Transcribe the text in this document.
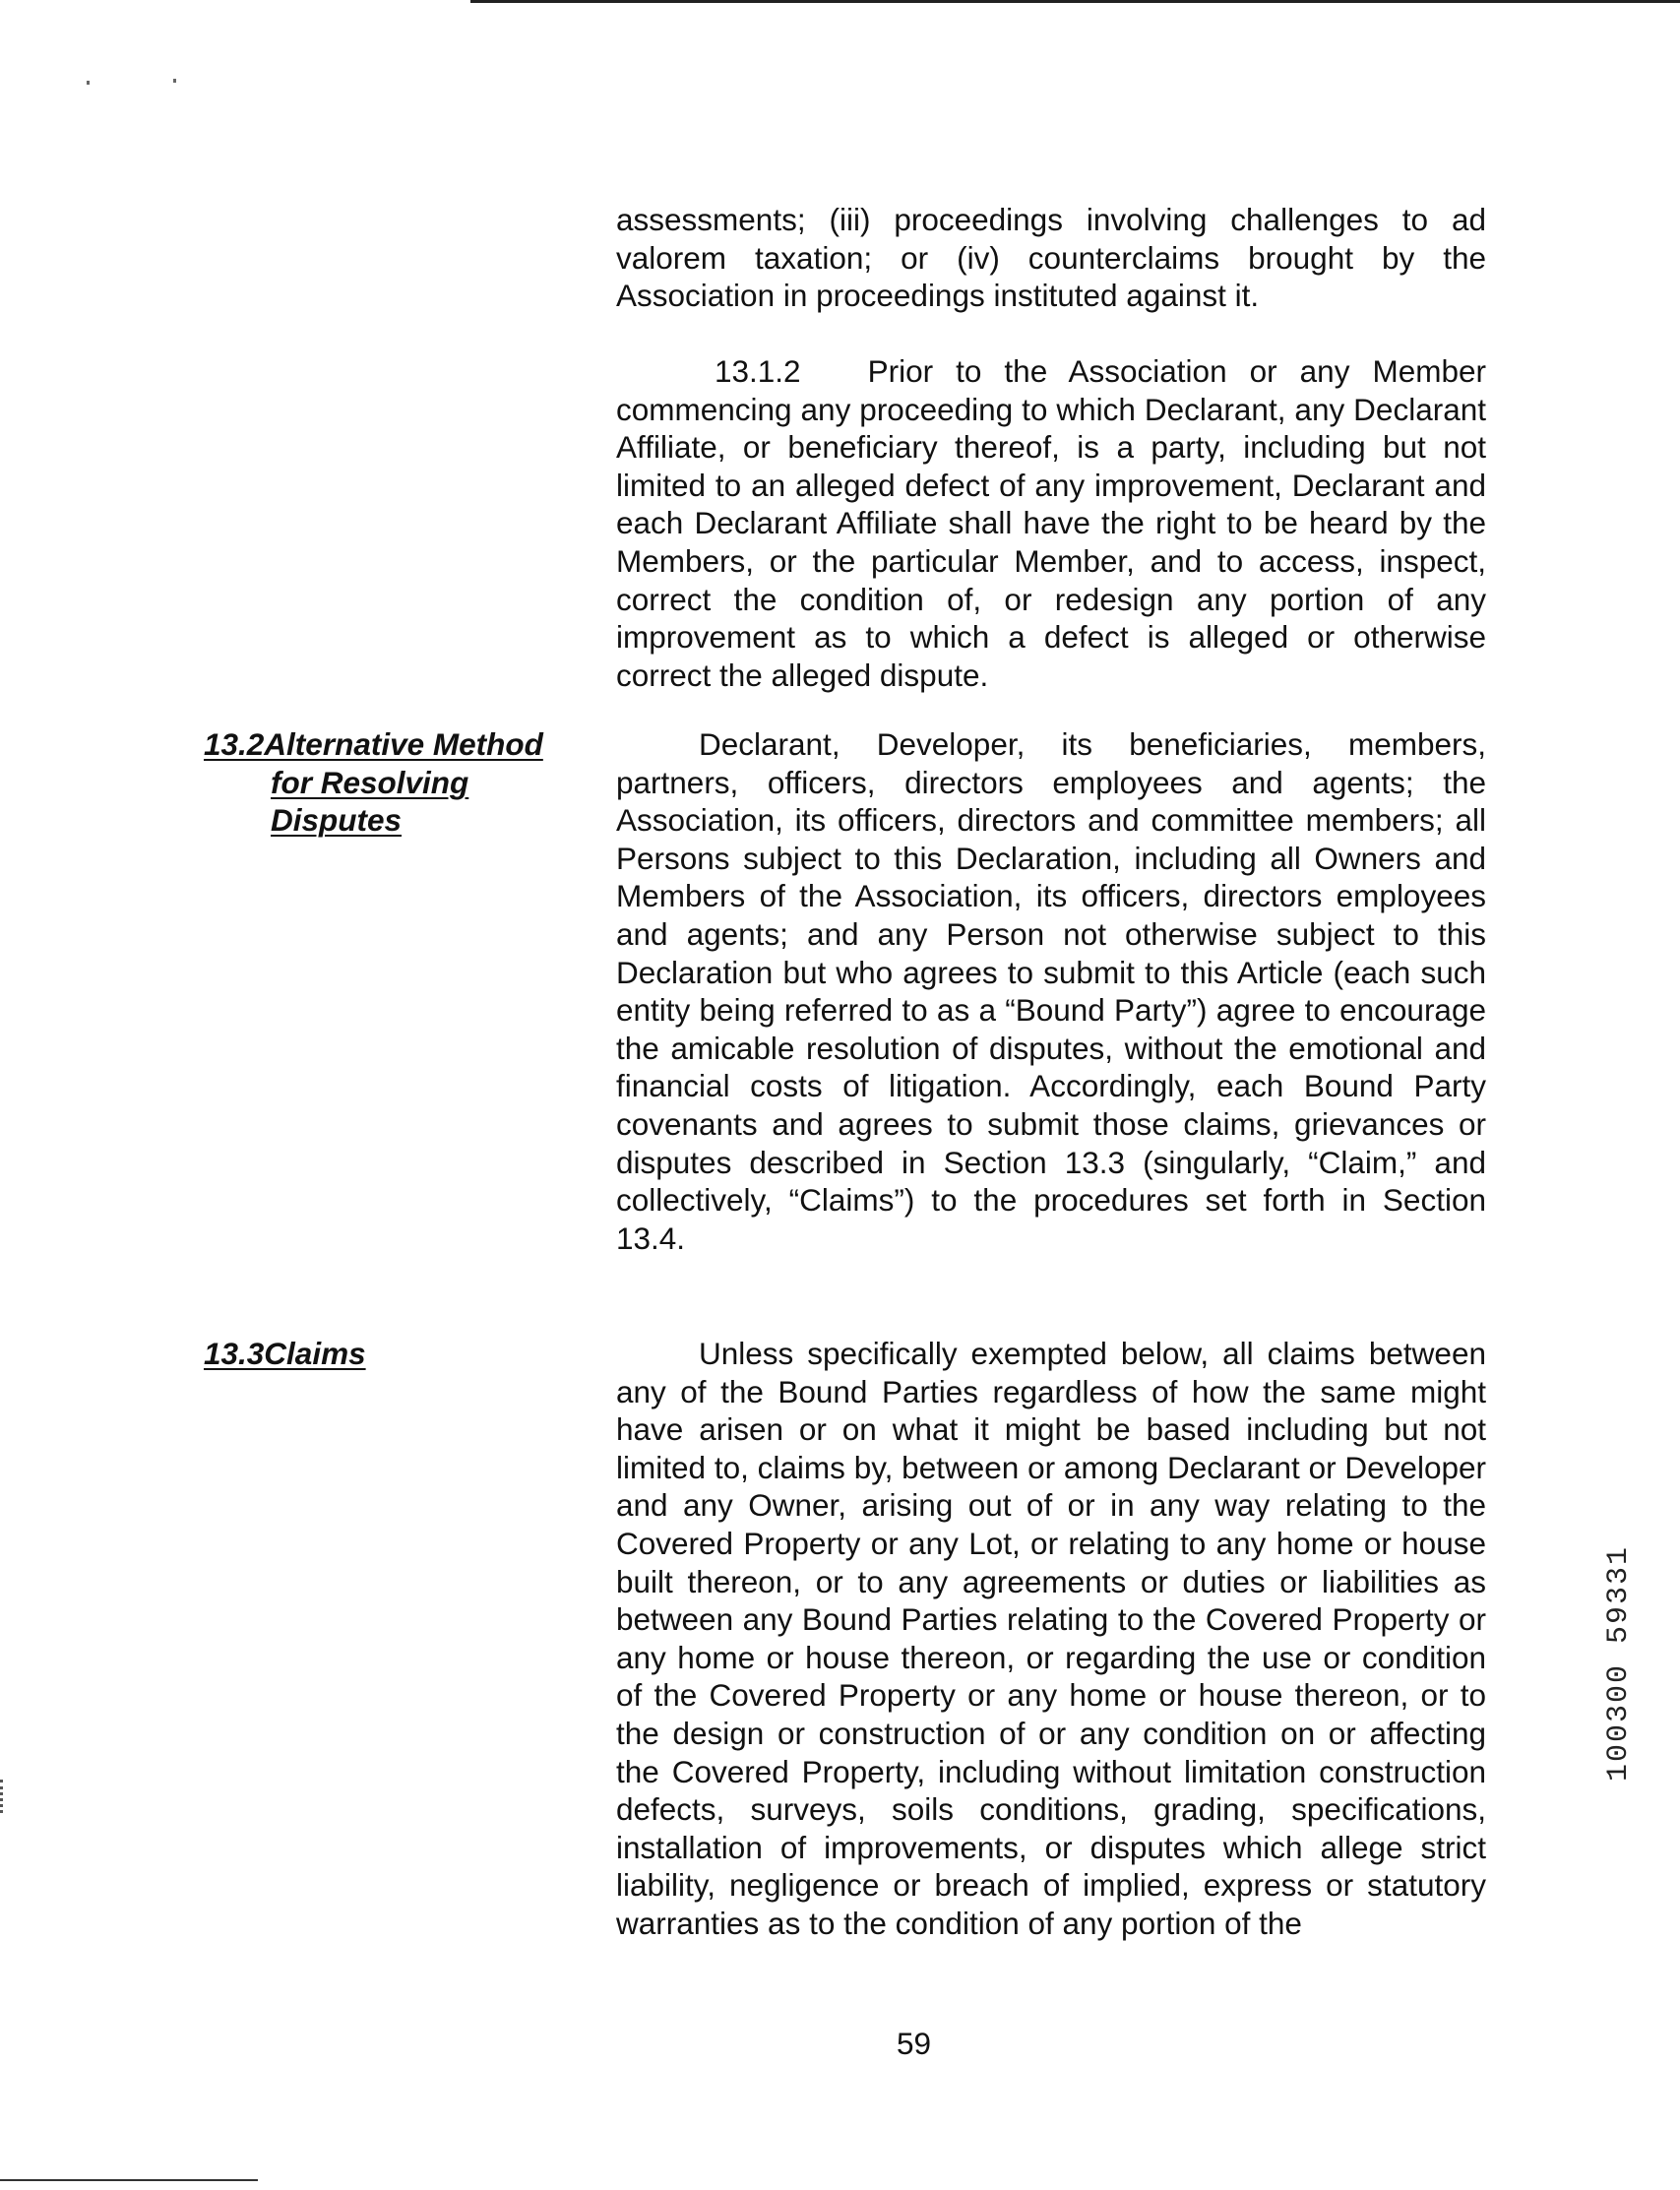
assessments; (iii) proceedings involving challenges to ad valorem taxation; or (iv) counterclaims brought by the Association in proceedings instituted against it.

13.1.2 Prior to the Association or any Member commencing any proceeding to which Declarant, any Declarant Affiliate, or beneficiary thereof, is a party, including but not limited to an alleged defect of any improvement, Declarant and each Declarant Affiliate shall have the right to be heard by the Members, or the particular Member, and to access, inspect, correct the condition of, or redesign any portion of any improvement as to which a defect is alleged or otherwise correct the alleged dispute.

13.2Alternative Method
for Resolving
Disputes

Declarant, Developer, its beneficiaries, members, partners, officers, directors employees and agents; the Association, its officers, directors and committee members; all Persons subject to this Declaration, including all Owners and Members of the Association, its officers, directors employees and agents; and any Person not otherwise subject to this Declaration but who agrees to submit to this Article (each such entity being referred to as a “Bound Party”) agree to encourage the amicable resolution of disputes, without the emotional and financial costs of litigation. Accordingly, each Bound Party covenants and agrees to submit those claims, grievances or disputes described in Section 13.3 (singularly, “Claim,” and collectively, “Claims”) to the procedures set forth in Section 13.4.

13.3Claims	Unless specifically exempted below, all claims between any of the Bound Parties regardless of how the same might have arisen or on what it might be based including but not limited to, claims by, between or among Declarant or Developer and any Owner, arising out of or in any way relating to the Covered Property or any Lot, or relating to any home or house built thereon, or to any agreements or duties or liabilities as between any Bound Parties relating to the Covered Property or any home or house thereon, or regarding the use or condition of the Covered Property or any home or house thereon, or to the design or construction of or any condition on or affecting the Covered Property, including without limitation construction defects, surveys, soils conditions, grading, specifications, installation of improvements, or disputes which allege strict liability, negligence or breach of implied, express or statutory warranties as to the condition of any portion of the

59

100300 59331
